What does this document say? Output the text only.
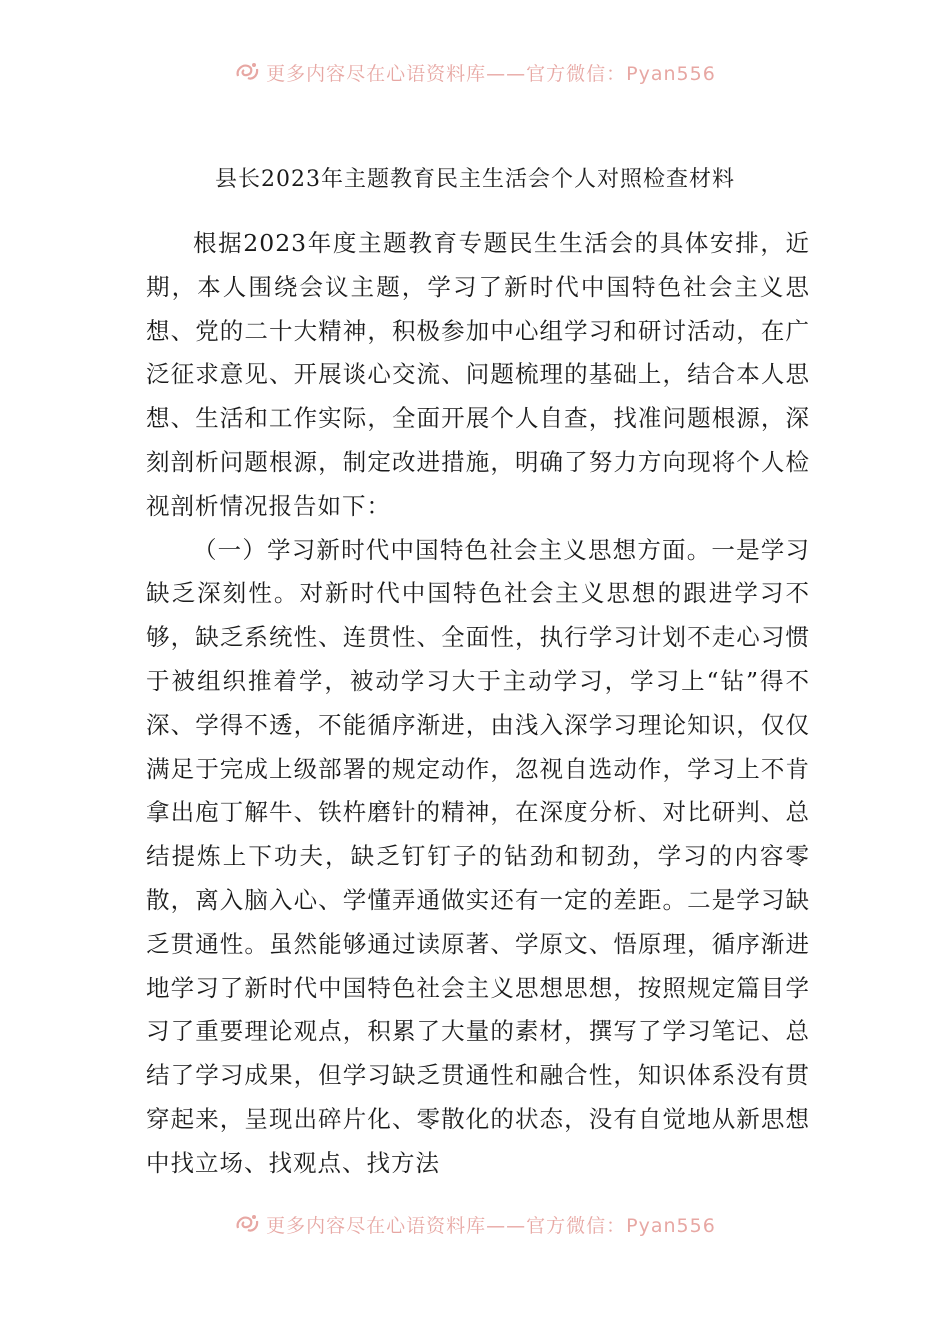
更多内容尽在心语资料库——官方微信：Pyan556
县长2023年主题教育民主生活会个人对照检查材料

根据2023年度主题教育专题民生生活会的具体安排，近期，本人围绕会议主题，学习了新时代中国特色社会主义思想、党的二十大精神，积极参加中心组学习和研讨活动，在广泛征求意见、开展谈心交流、问题梳理的基础上，结合本人思想、生活和工作实际，全面开展个人自查，找准问题根源，深刻剖析问题根源，制定改进措施，明确了努力方向现将个人检视剖析情况报告如下：

（一）学习新时代中国特色社会主义思想方面。一是学习缺乏深刻性。对新时代中国特色社会主义思想的跟进学习不够，缺乏系统性、连贯性、全面性，执行学习计划不走心习惯于被组织推着学，被动学习大于主动学习，学习上“钻”得不深、学得不透，不能循序渐进，由浅入深学习理论知识，仅仅满足于完成上级部署的规定动作，忽视自选动作，学习上不肯拿出庖丁解牛、铁杵磨针的精神，在深度分析、对比研判、总结提炼上下功夫，缺乏钉钉子的钻劲和韧劲，学习的内容零散，离入脑入心、学懂弄通做实还有一定的差距。二是学习缺乏贯通性。虽然能够通过读原著、学原文、悟原理，循序渐进地学习了新时代中国特色社会主义思想思想，按照规定篇目学习了重要理论观点，积累了大量的素材，撰写了学习笔记、总结了学习成果，但学习缺乏贯通性和融合性，知识体系没有贯穿起来，呈现出碎片化、零散化的状态，没有自觉地从新思想中找立场、找观点、找方法

更多内容尽在心语资料库——官方微信：Pyan556
